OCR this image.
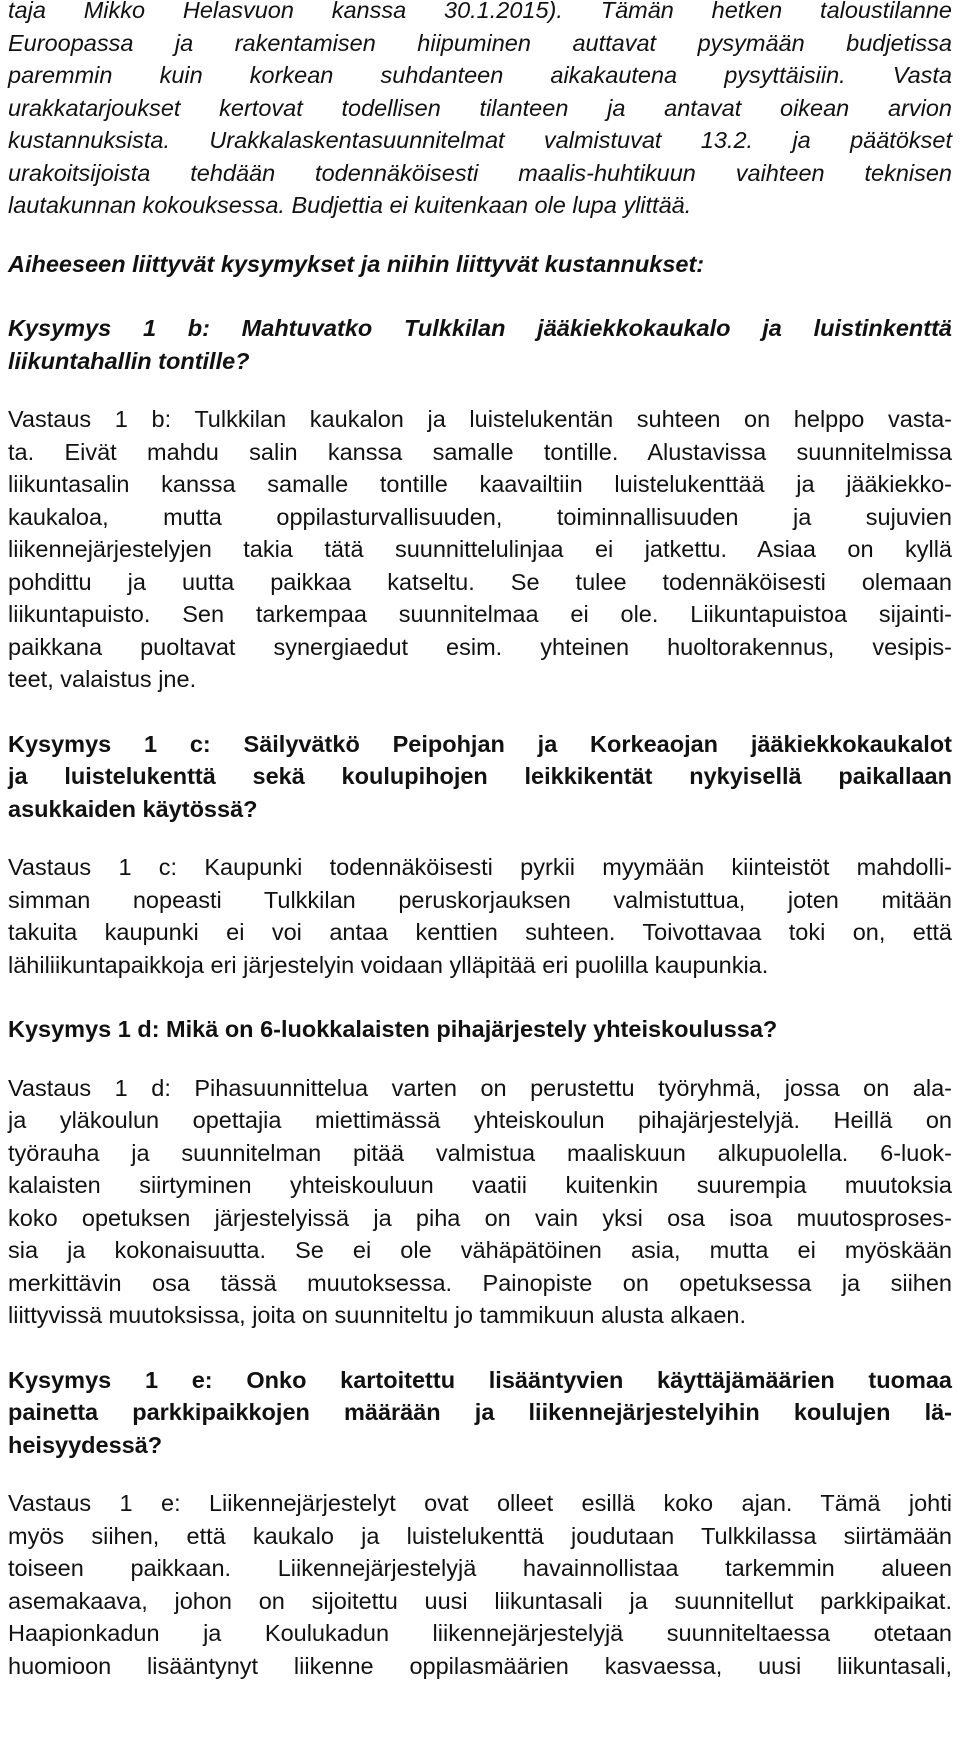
taja Mikko Helasvuon kanssa 30.1.2015). Tämän hetken taloustilanne
Euroopassa ja rakentamisen hiipuminen auttavat pysymään budjetissa
paremmin kuin korkean suhdanteen aikakautena pysyttäisiin. Vasta
urakkatarjoukset kertovat todellisen tilanteen ja antavat oikean arvion
kustannuksista. Urakkalaskentasuunnitelmat valmistuvat 13.2. ja päätökset
urakoitsijoista tehdään todennäköisesti maalis-huhtikuun vaihteen teknisen
lautakunnan kokouksessa. Budjettia ei kuitenkaan ole lupa ylittää.
Aiheeseen liittyvät kysymykset ja niihin liittyvät kustannukset:
Kysymys 1 b: Mahtuvatko Tulkkilan jääkiekkokaukalo ja luistinkenttä
liikuntahallin tontille?
Vastaus 1 b: Tulkkilan kaukalon ja luistelukentän suhteen on helppo vasta-
ta. Eivät mahdu salin kanssa samalle tontille. Alustavissa suunnitelmissa
liikuntasalin kanssa samalle tontille kaavailtiin luistelukenttää ja jääkiekko-
kaukaloa, mutta oppilasturvallisuuden, toiminnallisuuden ja sujuvien
liikennejärjestelyjen takia tätä suunnittelulinjaa ei jatkettu. Asiaa on kyllä
pohdittu ja uutta paikkaa katseltu. Se tulee todennäköisesti olemaan
liikuntapuisto. Sen tarkempaa suunnitelmaa ei ole. Liikuntapuistoa sijainti-
paikkana puoltavat synergiaedut esim. yhteinen huoltorakennus, vesipis-
teet, valaistus jne.
Kysymys 1 c: Säilyvätkö Peipohjan ja Korkeaojan jääkiekkokaukalot
ja luistelukenttä sekä koulupihojen leikkikentät nykyisellä paikallaan
asukkaiden käytössä?
Vastaus 1 c: Kaupunki todennäköisesti pyrkii myymään kiinteistöt mahdolli-
simman nopeasti Tulkkilan peruskorjauksen valmistuttua, joten mitään
takuita kaupunki ei voi antaa kenttien suhteen. Toivottavaa toki on, että
lähiliikuntapaikkoja eri järjestelyin voidaan ylläpitää eri puolilla kaupunkia.
Kysymys 1 d: Mikä on 6-luokkalaisten pihajärjestely yhteiskoulussa?
Vastaus 1 d: Pihasuunnittelua varten on perustettu työryhmä, jossa on ala-
ja yläkoulun opettajia miettimässä yhteiskoulun pihajärjestelyjä. Heillä on
työrauha ja suunnitelman pitää valmistua maaliskuun alkupuolella. 6-luok-
kalaisten siirtyminen yhteiskouluun vaatii kuitenkin suurempia muutoksia
koko opetuksen järjestelyissä ja piha on vain yksi osa isoa muutosproses-
sia ja kokonaisuutta. Se ei ole vähäpätöinen asia, mutta ei myöskään
merkittävin osa tässä muutoksessa. Painopiste on opetuksessa ja siihen
liittyvissä muutoksissa, joita on suunniteltu jo tammikuun alusta alkaen.
Kysymys 1 e: Onko kartoitettu lisääntyvien käyttäjämäärien tuomaa
painetta parkkipaikkojen määrään ja liikennejärjestelyihin koulujen lä-
heisyydessä?
Vastaus 1 e: Liikennejärjestelyt ovat olleet esillä koko ajan. Tämä johti
myös siihen, että kaukalo ja luistelukenttä joudutaan Tulkkilassa siirtämään
toiseen paikkaan. Liikennejärjestelyjä havainnollistaa tarkemmin alueen
asemakaava, johon on sijoitettu uusi liikuntasali ja suunnitellut parkkipaikat.
Haapionkadun ja Koulukadun liikennejärjestelyjä suunniteltaessa otetaan
huomioon lisääntynyt liikenne oppilasmäärien kasvaessa, uusi liikuntasali,
